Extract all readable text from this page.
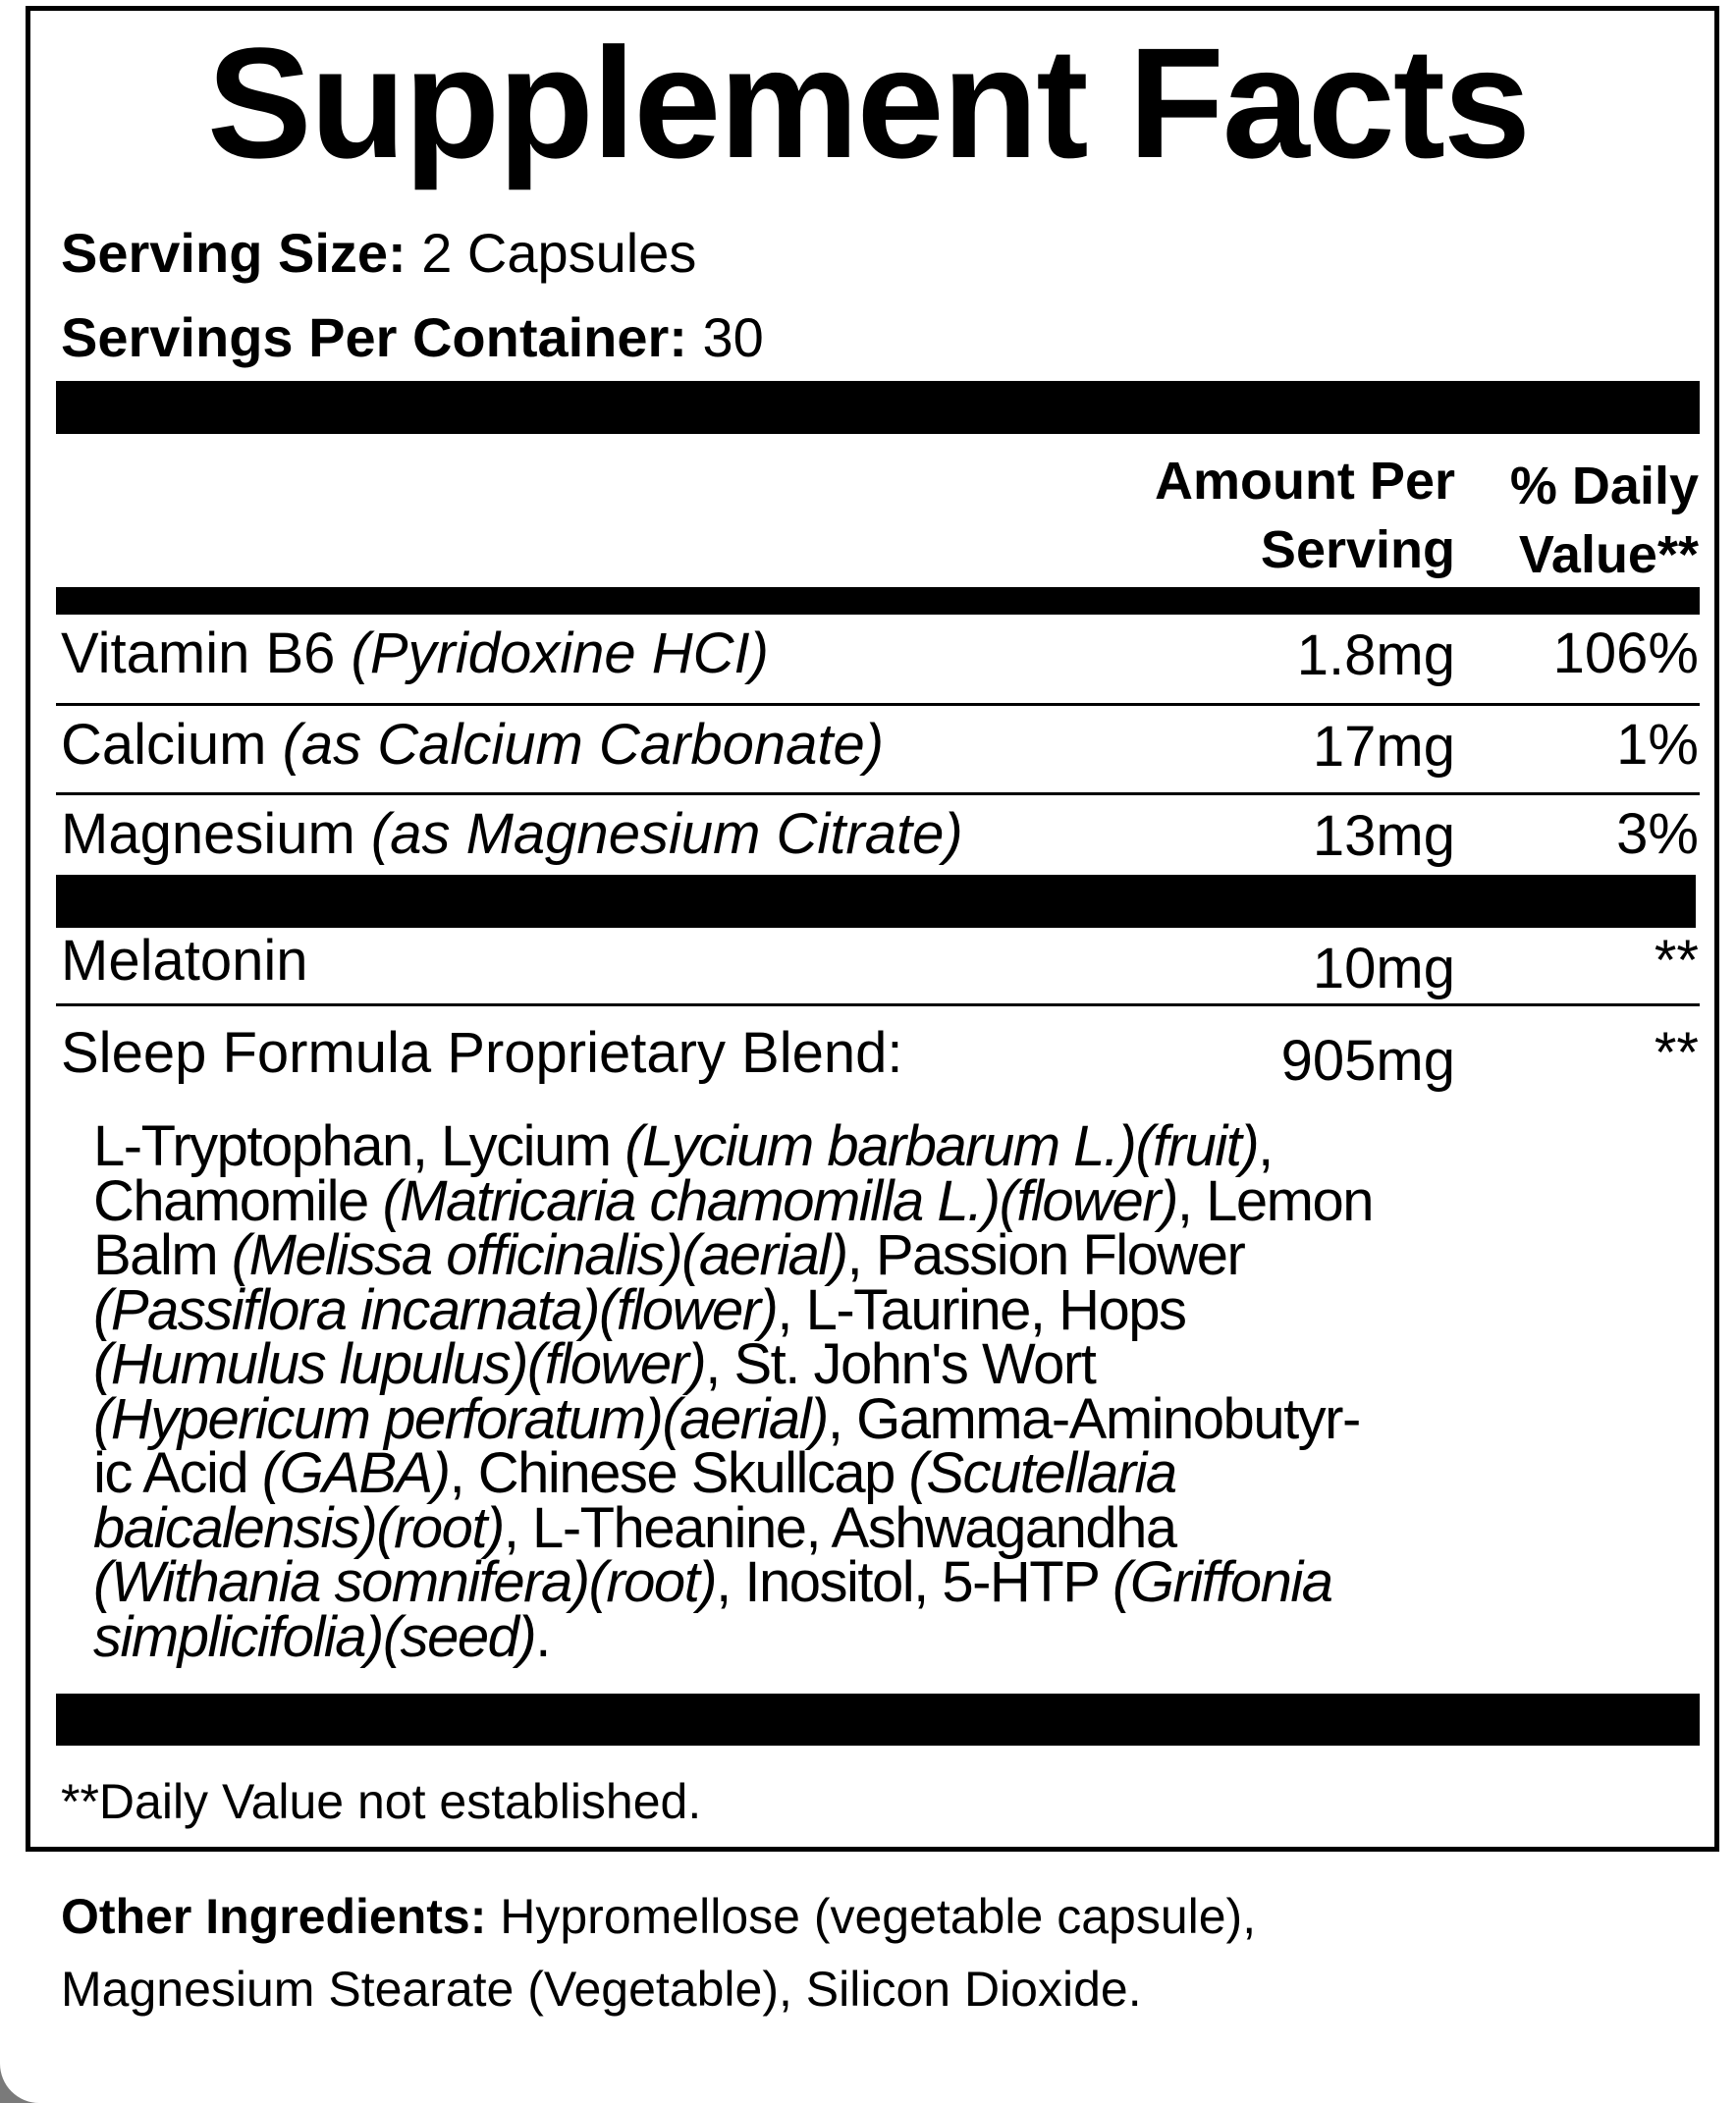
Supplement Facts
Serving Size: 2 Capsules
Servings Per Container: 30
Amount Per
Serving
% Daily
Value**
Vitamin B6 (Pyridoxine HCI)	1.8mg 106%
Calcium (as Calcium Carbonate)	17mg	1%
Magnesium (as Magnesium Citrate)	13mg	3%
Melatonin	10mg	**
Sleep Formula Proprietary Blend:	905mg	**
L-Tryptophan, Lycium (Lycium barbarum L.)(fruit),
Chamomile (Matricaria chamomilla L.)(flower), Lemon
Balm (Melissa officinalis)(aerial), Passion Flower
(Passiflora incarnata)(flower), L-Taurine, Hops
(Humulus lupulus)(flower), St. John's Wort
(Hypericum perforatum)(aerial), Gamma-Aminobutyr-
ic Acid (GABA), Chinese Skullcap (Scutellaria
baicalensis)(root), L-Theanine, Ashwagandha
(Withania somnifera)(root), Inositol, 5-HTP (Griffonia
simplicifolia)(seed).
**Daily Value not established.
Other Ingredients: Hypromellose (vegetable capsule),
Magnesium Stearate (Vegetable), Silicon Dioxide.
